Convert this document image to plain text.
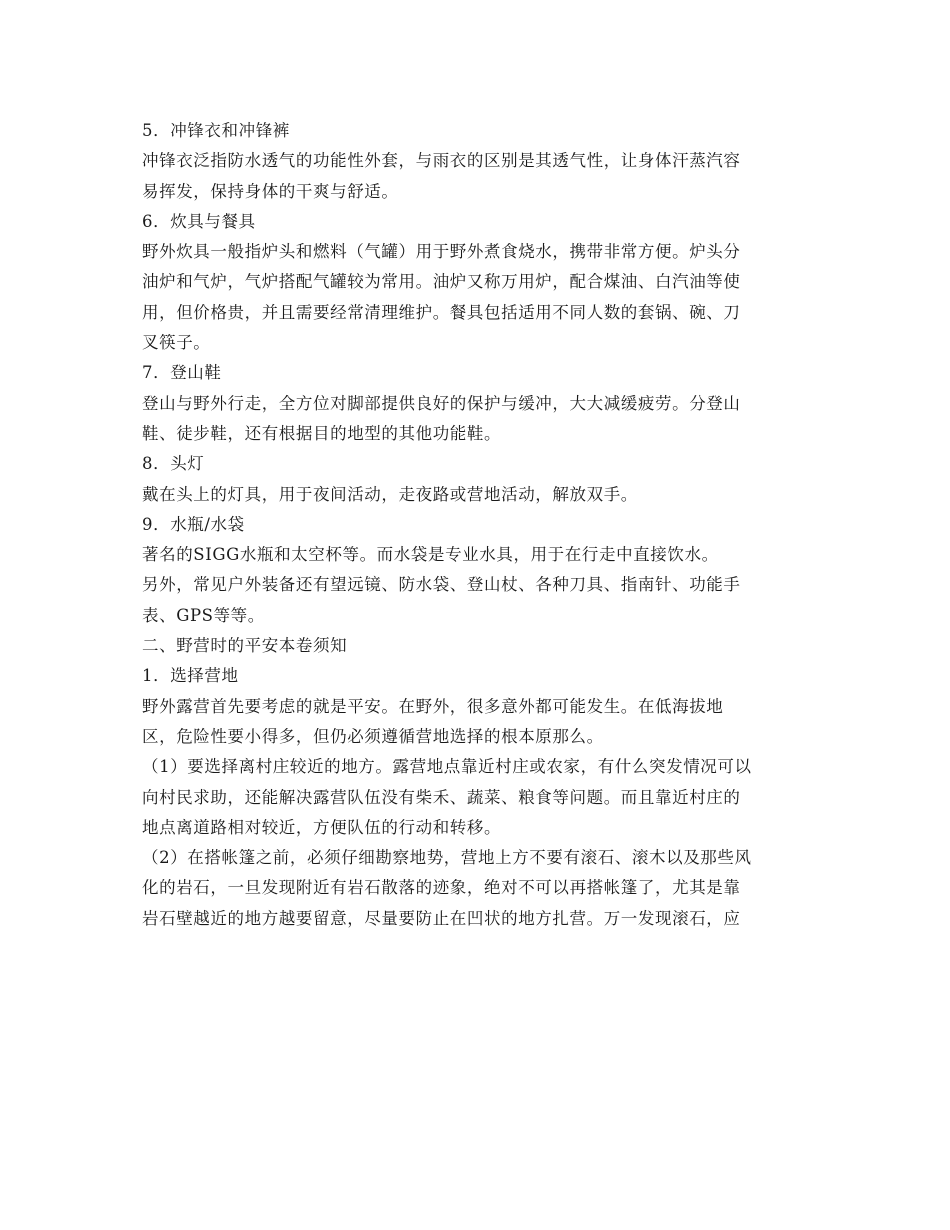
5．冲锋衣和冲锋裤
冲锋衣泛指防水透气的功能性外套，与雨衣的区别是其透气性，让身体汗蒸汽容
易挥发，保持身体的干爽与舒适。
6．炊具与餐具
野外炊具一般指炉头和燃料（气罐）用于野外煮食烧水，携带非常方便。炉头分
油炉和气炉，气炉搭配气罐较为常用。油炉又称万用炉，配合煤油、白汽油等使
用，但价格贵，并且需要经常清理维护。餐具包括适用不同人数的套锅、碗、刀
叉筷子。
7．登山鞋
登山与野外行走，全方位对脚部提供良好的保护与缓冲，大大减缓疲劳。分登山
鞋、徒步鞋，还有根据目的地型的其他功能鞋。
8．头灯
戴在头上的灯具，用于夜间活动，走夜路或营地活动，解放双手。
9．水瓶/水袋
著名的SIGG水瓶和太空杯等。而水袋是专业水具，用于在行走中直接饮水。
另外，常见户外装备还有望远镜、防水袋、登山杖、各种刀具、指南针、功能手
表、GPS等等。
二、野营时的平安本卷须知
1．选择营地
野外露营首先要考虑的就是平安。在野外，很多意外都可能发生。在低海拔地
区，危险性要小得多，但仍必须遵循营地选择的根本原那么。
（1）要选择离村庄较近的地方。露营地点靠近村庄或农家，有什么突发情况可以
向村民求助，还能解决露营队伍没有柴禾、蔬菜、粮食等问题。而且靠近村庄的
地点离道路相对较近，方便队伍的行动和转移。
（2）在搭帐篷之前，必须仔细勘察地势，营地上方不要有滚石、滚木以及那些风
化的岩石，一旦发现附近有岩石散落的迹象，绝对不可以再搭帐篷了，尤其是靠
岩石壁越近的地方越要留意，尽量要防止在凹状的地方扎营。万一发现滚石，应
